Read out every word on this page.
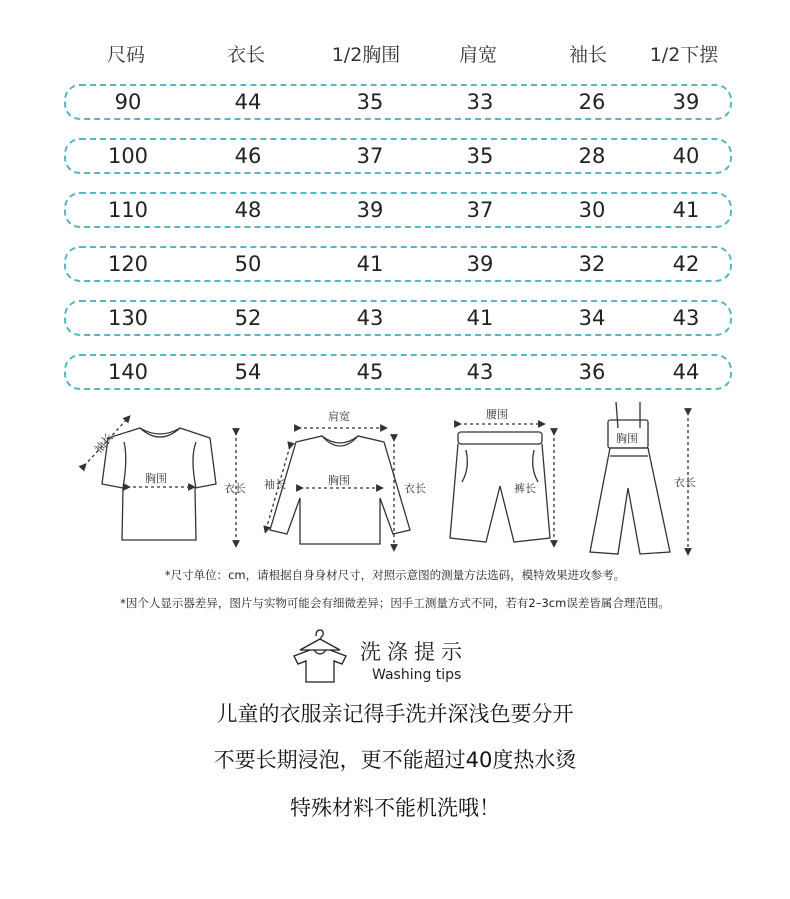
尺码	衣长	1/2胸围	肩宽	袖长	1/2下摆
90	44	35	33	26	39
100	46	37	35	28	40
110	48	39	37	30	41
120	50	41	39	32	42
130	52	43	41	34	43
140	54	45	43	36	44
胸围
袖长
衣长
肩宽
胸围
袖长	衣长
腰围
裤长
胸围
衣长
*尺寸单位：cm，请根据自身身材尺寸，对照示意图的测量方法选码，模特效果进攻参考。
*因个人显示器差异，图片与实物可能会有细微差异；因手工测量方式不同，若有2–3cm误差皆属合理范围。
洗涤提示
Washing tips
儿童的衣服亲记得手洗并深浅色要分开
不要长期浸泡，更不能超过40度热水烫
特殊材料不能机洗哦！
